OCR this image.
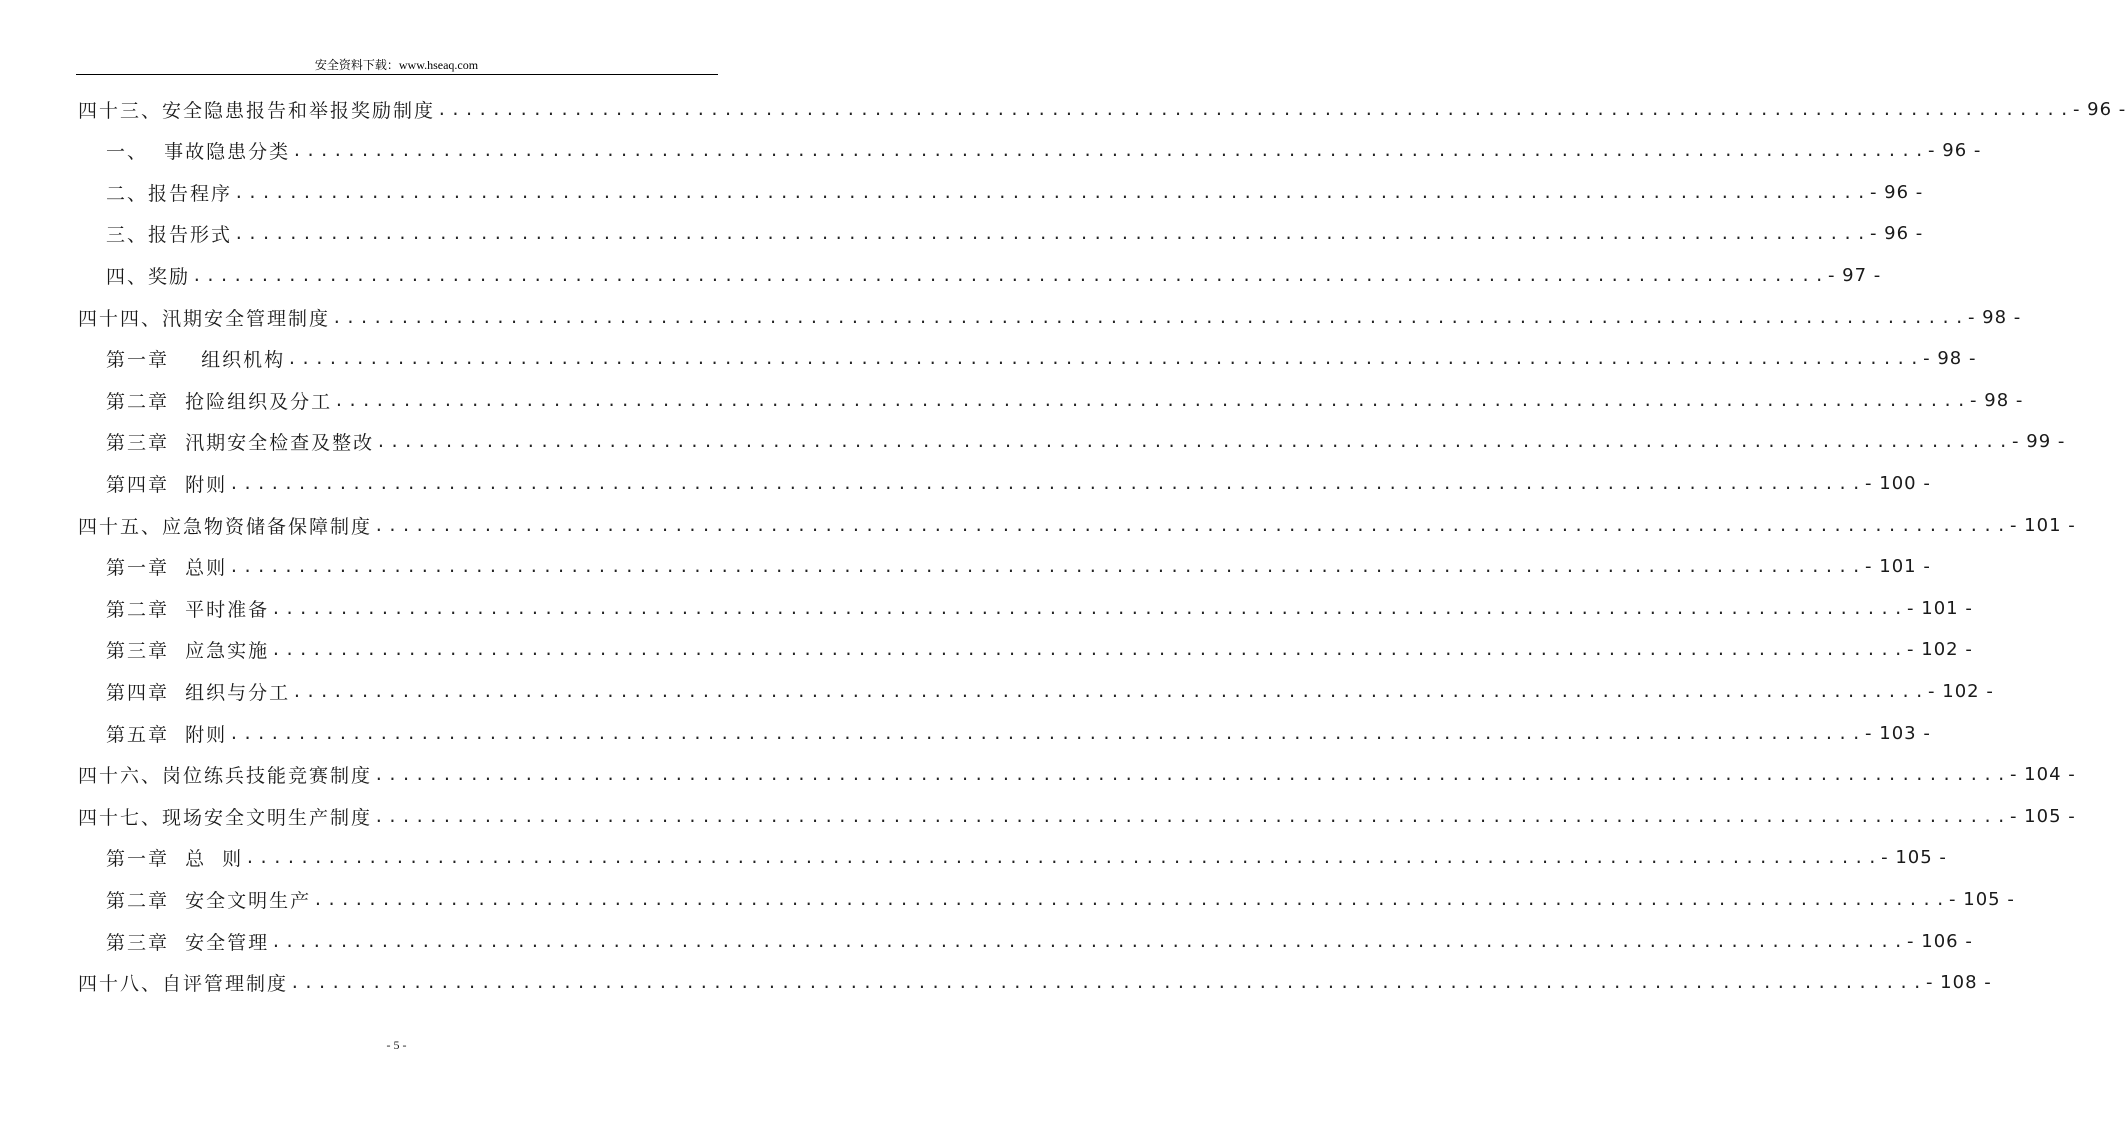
安全资料下载：www.hseaq.com
四十三、安全隐患报告和举报奖励制度 ........................................................................................................................ - 96 -
一、  事故隐患分类 ........................................................................................................................ - 96 -
二、报告程序 ........................................................................................................................ - 96 -
三、报告形式 ........................................................................................................................ - 96 -
四、奖励 ........................................................................................................................ - 97 -
四十四、汛期安全管理制度 ........................................................................................................................ - 98 -
第一章    组织机构 ........................................................................................................................ - 98 -
第二章  抢险组织及分工 ........................................................................................................................ - 98 -
第三章  汛期安全检查及整改 ........................................................................................................................ - 99 -
第四章  附则 ........................................................................................................................ - 100 -
四十五、应急物资储备保障制度 ........................................................................................................................ - 101 -
第一章  总则 ........................................................................................................................ - 101 -
第二章  平时准备 ........................................................................................................................ - 101 -
第三章  应急实施 ........................................................................................................................ - 102 -
第四章  组织与分工 ........................................................................................................................ - 102 -
第五章  附则 ........................................................................................................................ - 103 -
四十六、岗位练兵技能竞赛制度 ........................................................................................................................ - 104 -
四十七、现场安全文明生产制度 ........................................................................................................................ - 105 -
第一章  总  则 ........................................................................................................................ - 105 -
第二章  安全文明生产 ........................................................................................................................ - 105 -
第三章  安全管理 ........................................................................................................................ - 106 -
四十八、自评管理制度 ........................................................................................................................ - 108 -
- 5 -
